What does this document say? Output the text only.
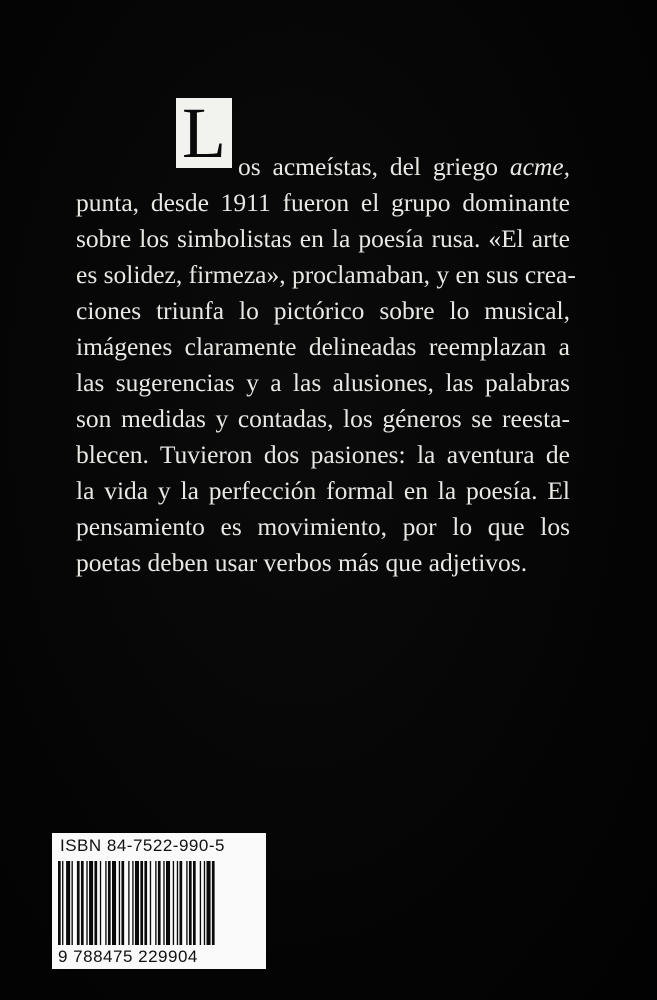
L os acmeístas, del griego acme,
punta, desde 1911 fueron el grupo dominante
sobre los simbolistas en la poesía rusa. «El arte
es solidez, firmeza», proclamaban, y en sus crea-
ciones triunfa lo pictórico sobre lo musical,
imágenes claramente delineadas reemplazan a
las sugerencias y a las alusiones, las palabras
son medidas y contadas, los géneros se reesta-
blecen. Tuvieron dos pasiones: la aventura de
la vida y la perfección formal en la poesía. El
pensamiento es movimiento, por lo que los
poetas deben usar verbos más que adjetivos.
ISBN 84-7522-990-5
9 788475 229904
